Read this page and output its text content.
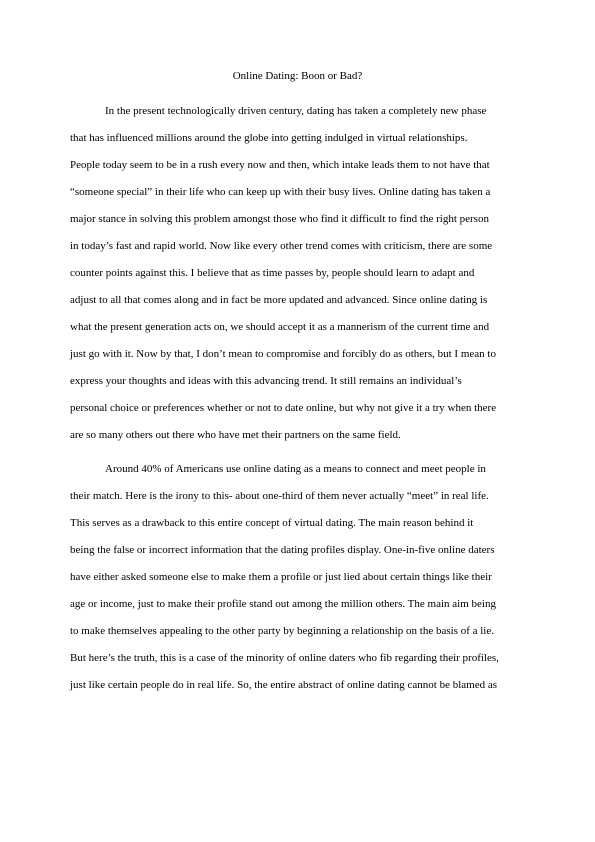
Online Dating: Boon or Bad?
In the present technologically driven century, dating has taken a completely new phase
that has influenced millions around the globe into getting indulged in virtual relationships.
People today seem to be in a rush every now and then, which intake leads them to not have that
“someone special” in their life who can keep up with their busy lives. Online dating has taken a
major stance in solving this problem amongst those who find it difficult to find the right person
in today’s fast and rapid world. Now like every other trend comes with criticism, there are some
counter points against this. I believe that as time passes by, people should learn to adapt and
adjust to all that comes along and in fact be more updated and advanced. Since online dating is
what the present generation acts on, we should accept it as a mannerism of the current time and
just go with it. Now by that, I don’t mean to compromise and forcibly do as others, but I mean to
express your thoughts and ideas with this advancing trend. It still remains an individual’s
personal choice or preferences whether or not to date online, but why not give it a try when there
are so many others out there who have met their partners on the same field.
Around 40% of Americans use online dating as a means to connect and meet people in
their match. Here is the irony to this- about one-third of them never actually “meet” in real life.
This serves as a drawback to this entire concept of virtual dating. The main reason behind it
being the false or incorrect information that the dating profiles display. One-in-five online daters
have either asked someone else to make them a profile or just lied about certain things like their
age or income, just to make their profile stand out among the million others. The main aim being
to make themselves appealing to the other party by beginning a relationship on the basis of a lie.
But here’s the truth, this is a case of the minority of online daters who fib regarding their profiles,
just like certain people do in real life. So, the entire abstract of online dating cannot be blamed as
